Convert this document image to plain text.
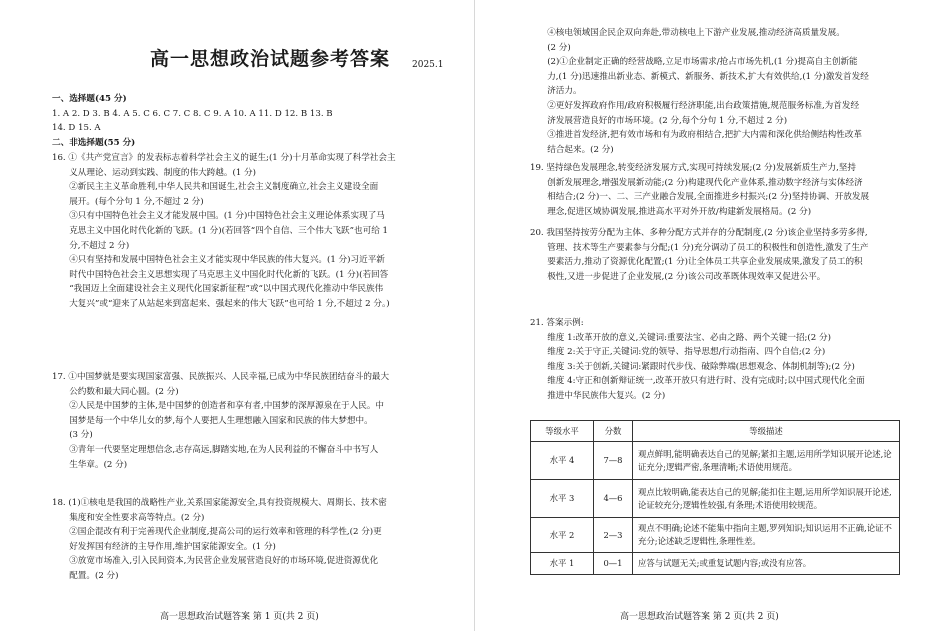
高一思想政治试题参考答案	2025.1
一、选择题(45 分)
1. A 2. D 3. B 4. A 5. C 6. C 7. C 8. C 9. A 10. A 11. D 12. B 13. B
14. D 15. A
二、非选择题(55 分)
16. ①《共产党宣言》的发表标志着科学社会主义的诞生;(1 分)十月革命实现了科学社会主
义从理论、运动到实践、制度的伟大跨越。(1 分)
②新民主主义革命胜利,中华人民共和国诞生,社会主义制度确立,社会主义建设全面
展开。(每个分句 1 分,不超过 2 分)
③只有中国特色社会主义才能发展中国。(1 分)中国特色社会主义理论体系实现了马
克思主义中国化时代化新的飞跃。(1 分)(若回答“四个自信、三个伟大飞跃”也可给 1
分,不超过 2 分)
④只有坚持和发展中国特色社会主义才能实现中华民族的伟大复兴。(1 分)习近平新
时代中国特色社会主义思想实现了马克思主义中国化时代化新的飞跃。(1 分)(若回答
“我国迈上全面建设社会主义现代化国家新征程”或“以中国式现代化推动中华民族伟
大复兴”或“迎来了从站起来到富起来、强起来的伟大飞跃”也可给 1 分,不超过 2 分。)
17. ①中国梦就是要实现国家富强、民族振兴、人民幸福,已成为中华民族团结奋斗的最大
公约数和最大同心圆。(2 分)
②人民是中国梦的主体,是中国梦的创造者和享有者,中国梦的深厚源泉在于人民。中
国梦是每一个中华儿女的梦,每个人要把人生理想融入国家和民族的伟大梦想中。
(3 分)
③青年一代要坚定理想信念,志存高远,脚踏实地,在为人民利益的不懈奋斗中书写人
生华章。(2 分)
18. (1)①核电是我国的战略性产业,关系国家能源安全,具有投资规模大、周期长、技术密
集度和安全性要求高等特点。(2 分)
②国企混改有利于完善现代企业制度,提高公司的运行效率和管理的科学性,(2 分)更
好发挥国有经济的主导作用,维护国家能源安全。(1 分)
③放宽市场准入,引入民间资本,为民营企业发展营造良好的市场环境,促进资源优化
配置。(2 分)
高一思想政治试题答案 第 1 页(共 2 页)
④核电领域国企民企双向奔赴,带动核电上下游产业发展,推动经济高质量发展。
(2 分)
(2)①企业制定正确的经营战略,立足市场需求/抢占市场先机,(1 分)提高自主创新能
力,(1 分)迅速推出新业态、新模式、新服务、新技术,扩大有效供给,(1 分)激发首发经
济活力。
②更好发挥政府作用/政府积极履行经济职能,出台政策措施,规范服务标准,为首发经
济发展营造良好的市场环境。(2 分,每个分句 1 分,不超过 2 分)
③推进首发经济,把有效市场和有为政府相结合,把扩大内需和深化供给侧结构性改革
结合起来。(2 分)
19. 坚持绿色发展理念,转变经济发展方式,实现可持续发展;(2 分)发展新质生产力,坚持
创新发展理念,增强发展新动能;(2 分)构建现代化产业体系,推动数字经济与实体经济
相结合;(2 分)一、二、三产业融合发展,全面推进乡村振兴;(2 分)坚持协调、开放发展
理念,促进区域协调发展,推进高水平对外开放/构建新发展格局。(2 分)
20. 我国坚持按劳分配为主体、多种分配方式并存的分配制度,(2 分)该企业坚持多劳多得,
管理、技术等生产要素参与分配;(1 分)充分调动了员工的积极性和创造性,激发了生产
要素活力,推动了资源优化配置;(1 分)让全体员工共享企业发展成果,激发了员工的积
极性,又进一步促进了企业发展,(2 分)该公司改革既体现效率又促进公平。
21. 答案示例:
维度 1:改革开放的意义,关键词:重要法宝、必由之路、两个关键一招;(2 分)
维度 2:关于守正,关键词:党的领导、指导思想/行动指南、四个自信;(2 分)
维度 3:关于创新,关键词:紧跟时代步伐、破除弊端(思想观念、体制机制等);(2 分)
维度 4:守正和创新辩证统一,改革开放只有进行时、没有完成时;以中国式现代化全面
推进中华民族伟大复兴。(2 分)
等级水平	分数	等级描述
水平 4	7—8	观点鲜明,能明确表达自己的见解;紧扣主题,运用所学知识展开论述,论证充分;逻辑严密,条理清晰;术语使用规范。
水平 3	4—6	观点比较明确,能表达自己的见解;能扣住主题,运用所学知识展开论述,论证较充分;逻辑性较强,有条理;术语使用较规范。
水平 2	2—3	观点不明确;论述不能集中指向主题,罗列知识;知识运用不正确,论证不充分;论述缺乏逻辑性,条理性差。
水平 1	0—1	应答与试题无关;或重复试题内容;或没有应答。
高一思想政治试题答案 第 2 页(共 2 页)
